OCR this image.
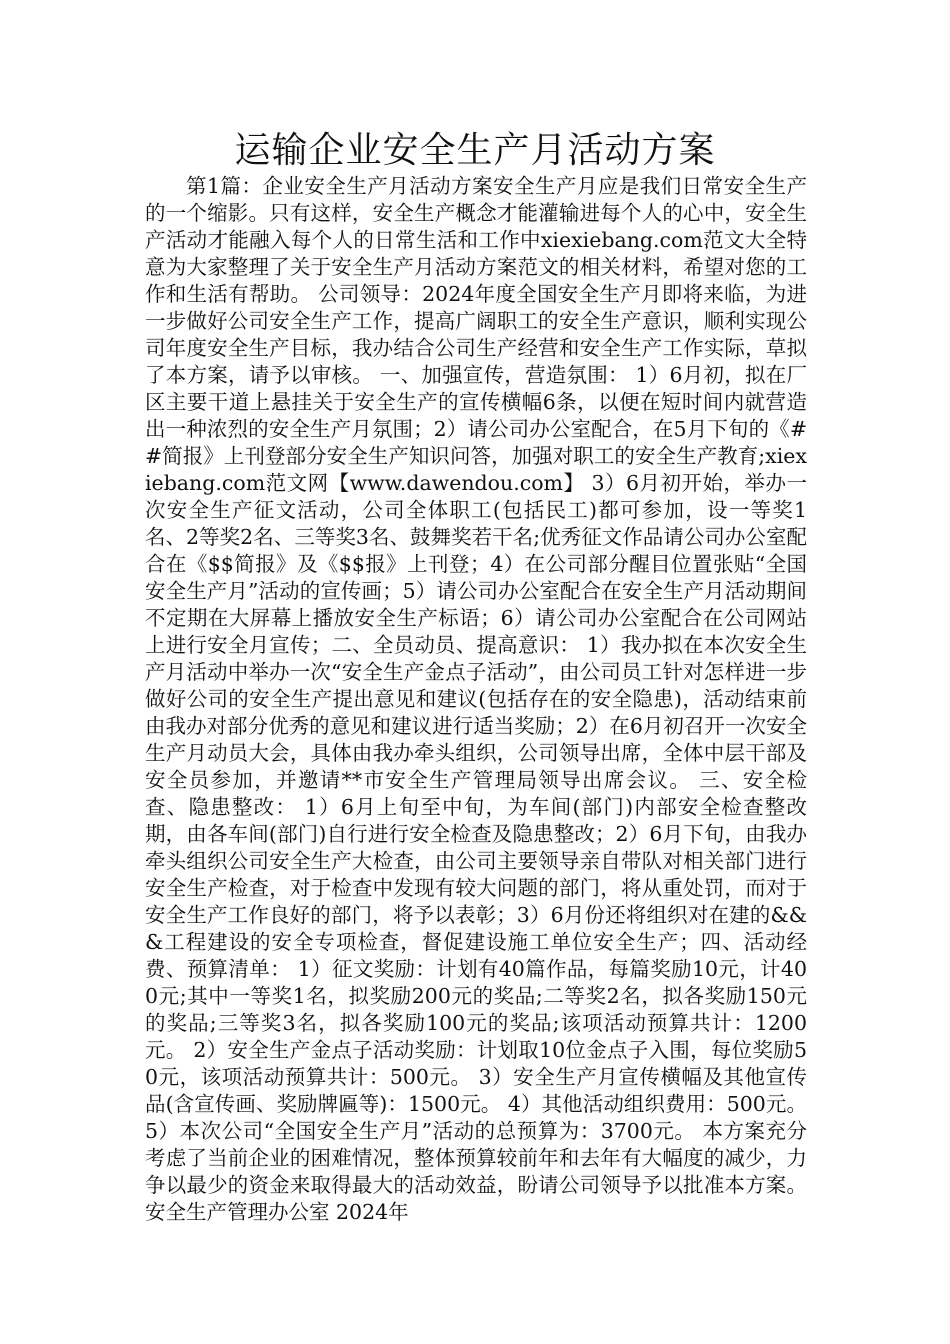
运输企业安全生产月活动方案

第1篇：企业安全生产月活动方案安全生产月应是我们日常安全生产的一个缩影。只有这样，安全生产概念才能灌输进每个人的心中，安全生产活动才能融入每个人的日常生活和工作中xiexiebang.com范文大全特意为大家整理了关于安全生产月活动方案范文的相关材料，希望对您的工作和生活有帮助。 公司领导：2024年度全国安全生产月即将来临，为进一步做好公司安全生产工作，提高广阔职工的安全生产意识，顺利实现公司年度安全生产目标，我办结合公司生产经营和安全生产工作实际，草拟了本方案，请予以审核。 一、加强宣传，营造氛围： 1）6月初，拟在厂区主要干道上悬挂关于安全生产的宣传横幅6条，以便在短时间内就营造出一种浓烈的安全生产月氛围；2）请公司办公室配合，在5月下旬的《##简报》上刊登部分安全生产知识问答，加强对职工的安全生产教育;xiexiebang.com范文网【www.dawendou.com】 3）6月初开始，举办一次安全生产征文活动，公司全体职工(包括民工)都可参加，设一等奖1名、2等奖2名、三等奖3名、鼓舞奖若干名;优秀征文作品请公司办公室配合在《$$简报》及《$$报》上刊登；4）在公司部分醒目位置张贴“全国安全生产月”活动的宣传画；5）请公司办公室配合在安全生产月活动期间不定期在大屏幕上播放安全生产标语；6）请公司办公室配合在公司网站上进行安全月宣传；二、全员动员、提高意识： 1）我办拟在本次安全生产月活动中举办一次“安全生产金点子活动”，由公司员工针对怎样进一步做好公司的安全生产提出意见和建议(包括存在的安全隐患)，活动结束前由我办对部分优秀的意见和建议进行适当奖励；2）在6月初召开一次安全生产月动员大会，具体由我办牵头组织，公司领导出席，全体中层干部及安全员参加，并邀请**市安全生产管理局领导出席会议。 三、安全检查、隐患整改： 1）6月上旬至中旬，为车间(部门)内部安全检查整改期，由各车间(部门)自行进行安全检查及隐患整改；2）6月下旬，由我办牵头组织公司安全生产大检查，由公司主要领导亲自带队对相关部门进行安全生产检查，对于检查中发现有较大问题的部门，将从重处罚，而对于安全生产工作良好的部门，将予以表彰；3）6月份还将组织对在建的&&&工程建设的安全专项检查，督促建设施工单位安全生产；四、活动经费、预算清单： 1）征文奖励：计划有40篇作品，每篇奖励10元，计400元;其中一等奖1名，拟奖励200元的奖品;二等奖2名，拟各奖励150元的奖品;三等奖3名，拟各奖励100元的奖品;该项活动预算共计：1200元。 2）安全生产金点子活动奖励：计划取10位金点子入围，每位奖励50元，该项活动预算共计：500元。 3）安全生产月宣传横幅及其他宣传品(含宣传画、奖励牌匾等)：1500元。 4）其他活动组织费用：500元。 5）本次公司“全国安全生产月”活动的总预算为：3700元。 本方案充分考虑了当前企业的困难情况，整体预算较前年和去年有大幅度的减少，力争以最少的资金来取得最大的活动效益，盼请公司领导予以批准本方案。 安全生产管理办公室 2024年
